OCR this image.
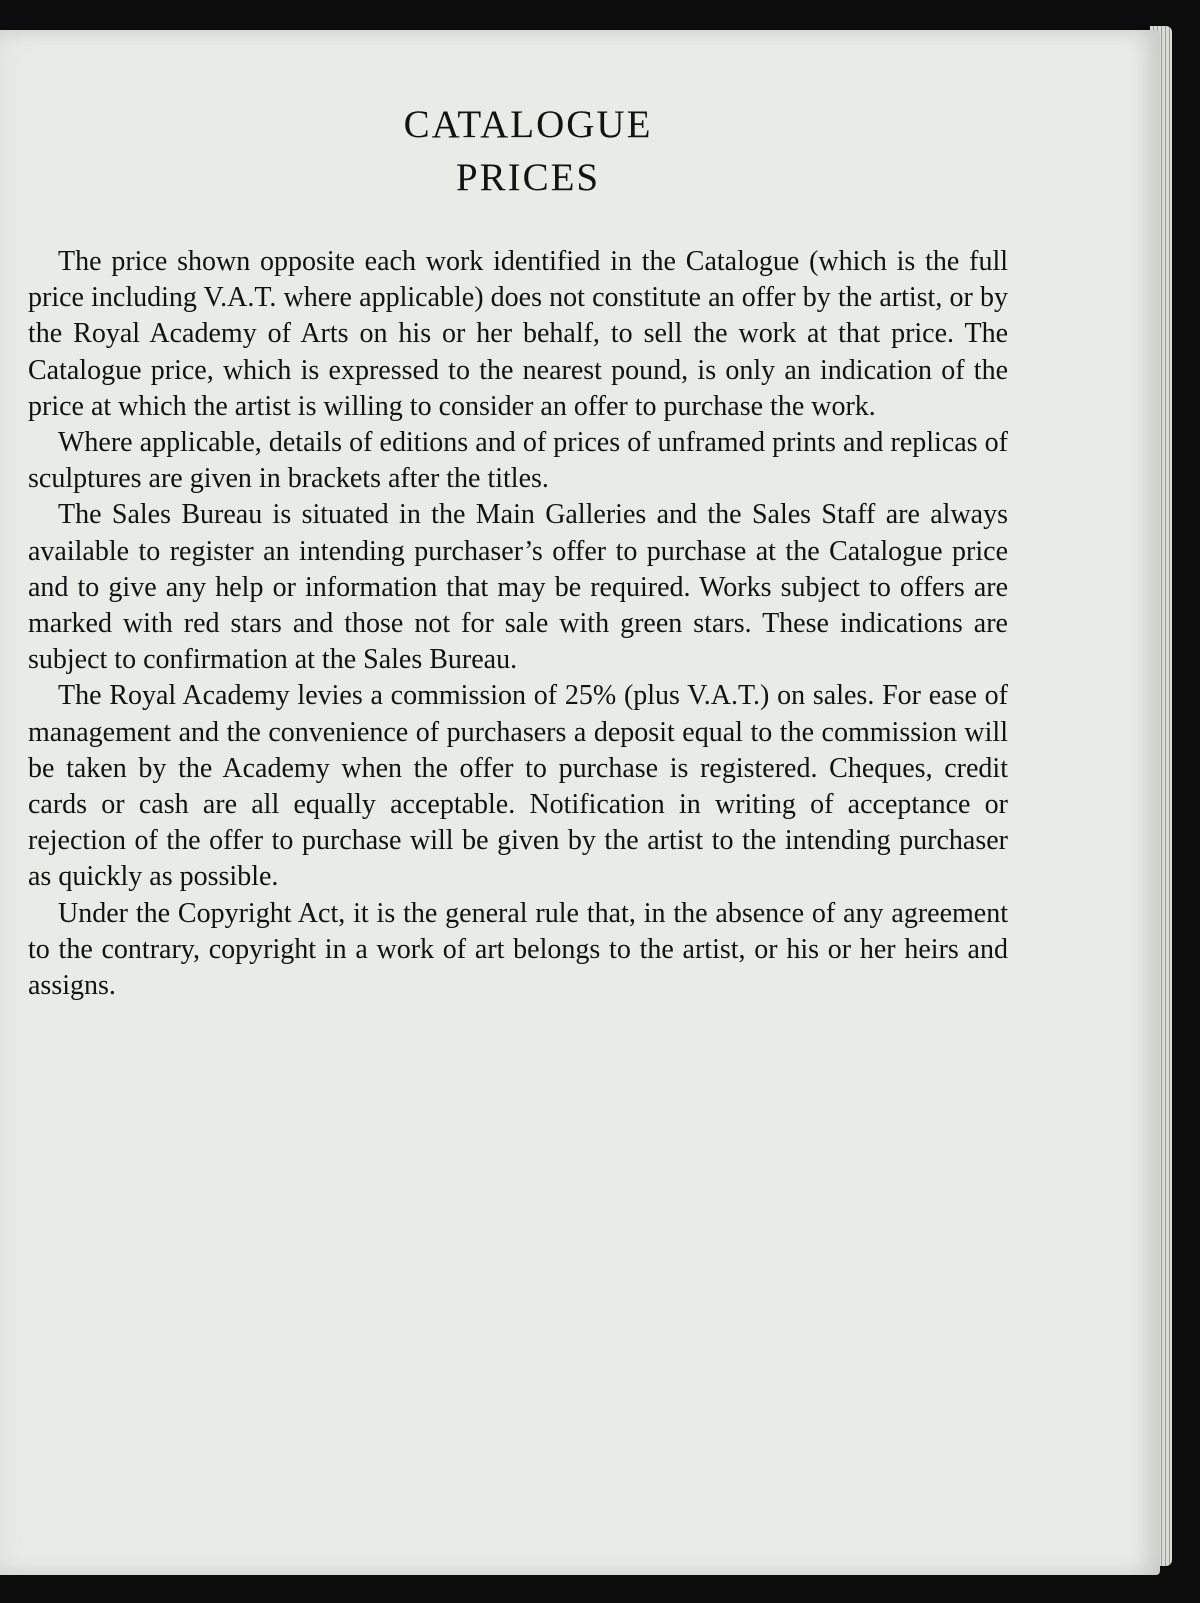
CATALOGUE
PRICES

The price shown opposite each work identified in the Catalogue (which is the full price including V.A.T. where applicable) does not constitute an offer by the artist, or by the Royal Academy of Arts on his or her behalf, to sell the work at that price. The Catalogue price, which is expressed to the nearest pound, is only an indication of the price at which the artist is willing to consider an offer to purchase the work.

Where applicable, details of editions and of prices of unframed prints and replicas of sculptures are given in brackets after the titles.

The Sales Bureau is situated in the Main Galleries and the Sales Staff are always available to register an intending purchaser’s offer to purchase at the Catalogue price and to give any help or information that may be required. Works subject to offers are marked with red stars and those not for sale with green stars. These indications are subject to confirmation at the Sales Bureau.

The Royal Academy levies a commission of 25% (plus V.A.T.) on sales. For ease of management and the convenience of purchasers a deposit equal to the commission will be taken by the Academy when the offer to purchase is registered. Cheques, credit cards or cash are all equally acceptable. Notification in writing of acceptance or rejection of the offer to purchase will be given by the artist to the intending purchaser as quickly as possible.

Under the Copyright Act, it is the general rule that, in the absence of any agreement to the contrary, copyright in a work of art belongs to the artist, or his or her heirs and assigns.
